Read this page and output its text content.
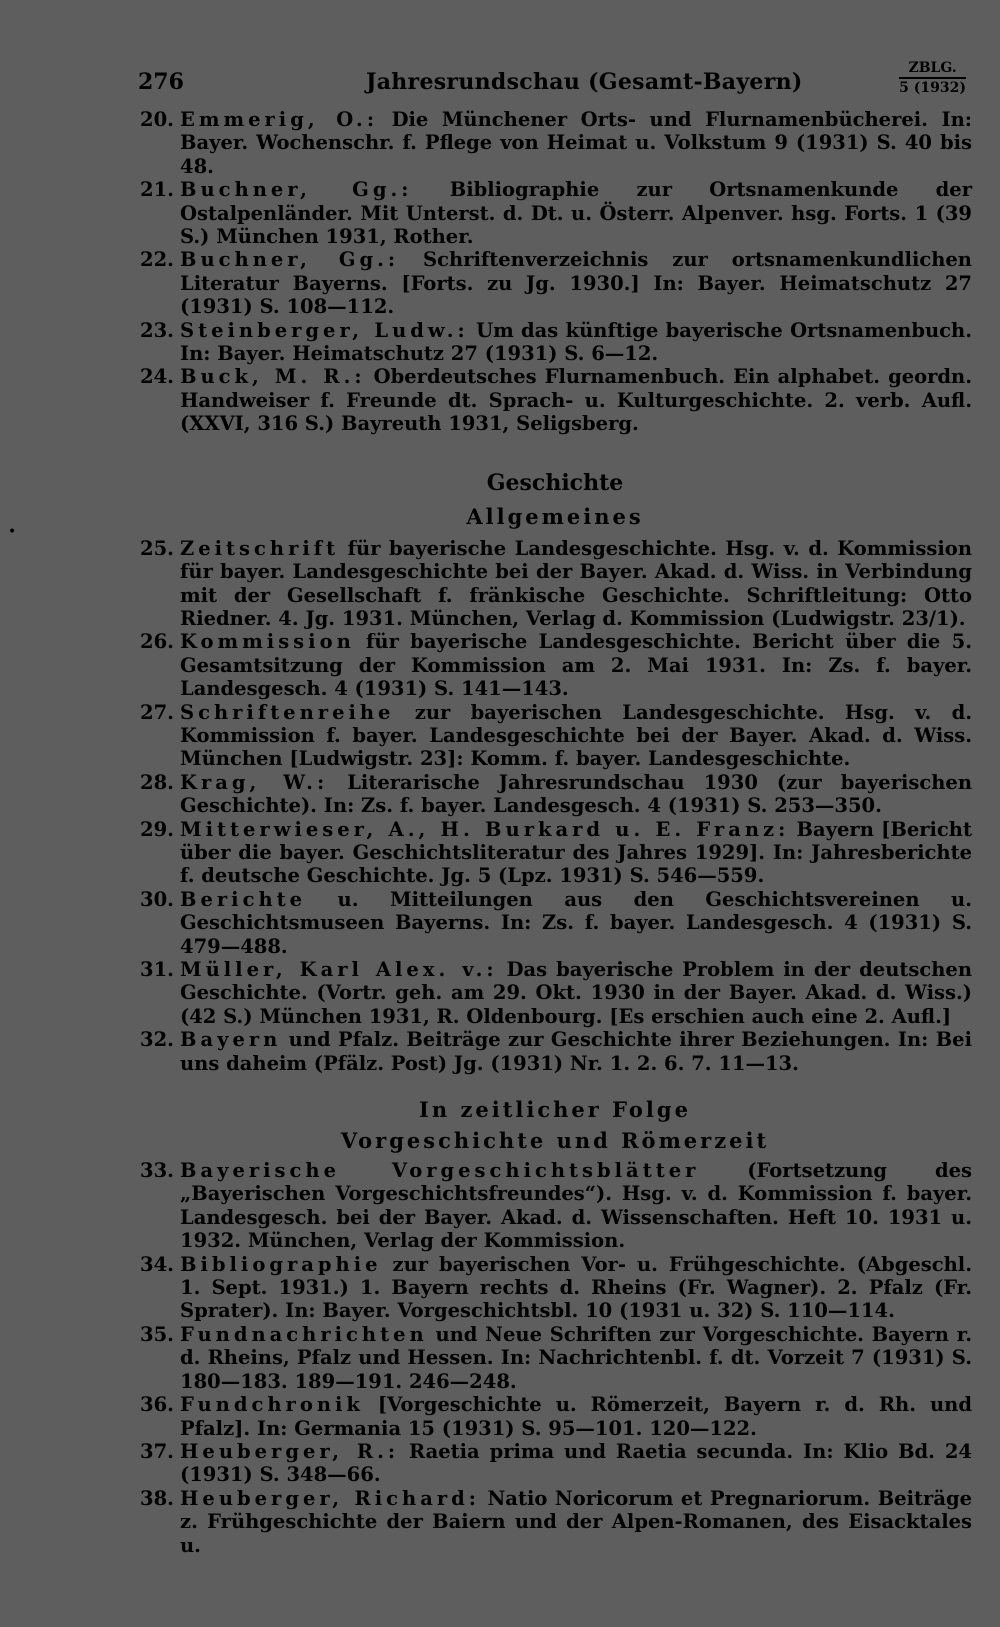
•
276	Jahresrundschau (Gesamt-Bayern)
ZBLG.
5 (1932)

20. Emmerig, O.: Die Münchener Orts- und Flurnamenbücherei. In: Bayer. Wochenschr. f. Pflege von Heimat u. Volkstum 9 (1931) S. 40 bis 48.

21. Buchner, Gg.: Bibliographie zur Ortsnamenkunde der Ostalpenländer. Mit Unterst. d. Dt. u. Österr. Alpenver. hsg. Forts. 1 (39 S.) München 1931, Rother.

22. Buchner, Gg.: Schriftenverzeichnis zur ortsnamenkundlichen Literatur Bayerns. [Forts. zu Jg. 1930.] In: Bayer. Heimatschutz 27 (1931) S. 108—112.

23. Steinberger, Ludw.: Um das künftige bayerische Ortsnamenbuch. In: Bayer. Heimatschutz 27 (1931) S. 6—12.

24. Buck, M. R.: Oberdeutsches Flurnamenbuch. Ein alphabet. geordn. Handweiser f. Freunde dt. Sprach- u. Kulturgeschichte. 2. verb. Aufl. (XXVI, 316 S.) Bayreuth 1931, Seligsberg.

Geschichte
Allgemeines

25. Zeitschrift für bayerische Landesgeschichte. Hsg. v. d. Kommission für bayer. Landesgeschichte bei der Bayer. Akad. d. Wiss. in Verbindung mit der Gesellschaft f. fränkische Geschichte. Schriftleitung: Otto Riedner. 4. Jg. 1931. München, Verlag d. Kommission (Ludwigstr. 23/1).

26. Kommission für bayerische Landesgeschichte. Bericht über die 5. Gesamtsitzung der Kommission am 2. Mai 1931. In: Zs. f. bayer. Landesgesch. 4 (1931) S. 141—143.

27. Schriftenreihe zur bayerischen Landesgeschichte. Hsg. v. d. Kommission f. bayer. Landesgeschichte bei der Bayer. Akad. d. Wiss. München [Ludwigstr. 23]: Komm. f. bayer. Landesgeschichte.

28. Krag, W.: Literarische Jahresrundschau 1930 (zur bayerischen Geschichte). In: Zs. f. bayer. Landesgesch. 4 (1931) S. 253—350.

29. Mitterwieser, A., H. Burkard u. E. Franz: Bayern [Bericht über die bayer. Geschichtsliteratur des Jahres 1929]. In: Jahresberichte f. deutsche Geschichte. Jg. 5 (Lpz. 1931) S. 546—559.

30. Berichte u. Mitteilungen aus den Geschichtsvereinen u. Geschichtsmuseen Bayerns. In: Zs. f. bayer. Landesgesch. 4 (1931) S. 479—488.

31. Müller, Karl Alex. v.: Das bayerische Problem in der deutschen Geschichte. (Vortr. geh. am 29. Okt. 1930 in der Bayer. Akad. d. Wiss.) (42 S.) München 1931, R. Oldenbourg. [Es erschien auch eine 2. Aufl.]

32. Bayern und Pfalz. Beiträge zur Geschichte ihrer Beziehungen. In: Bei uns daheim (Pfälz. Post) Jg. (1931) Nr. 1. 2. 6. 7. 11—13.

In zeitlicher Folge
Vorgeschichte und Römerzeit

33. Bayerische Vorgeschichtsblätter (Fortsetzung des „Bayerischen Vorgeschichtsfreundes“). Hsg. v. d. Kommission f. bayer. Landesgesch. bei der Bayer. Akad. d. Wissenschaften. Heft 10. 1931 u. 1932. München, Verlag der Kommission.

34. Bibliographie zur bayerischen Vor- u. Frühgeschichte. (Abgeschl. 1. Sept. 1931.) 1. Bayern rechts d. Rheins (Fr. Wagner). 2. Pfalz (Fr. Sprater). In: Bayer. Vorgeschichtsbl. 10 (1931 u. 32) S. 110—114.

35. Fundnachrichten und Neue Schriften zur Vorgeschichte. Bayern r. d. Rheins, Pfalz und Hessen. In: Nachrichtenbl. f. dt. Vorzeit 7 (1931) S. 180—183. 189—191. 246—248.

36. Fundchronik [Vorgeschichte u. Römerzeit, Bayern r. d. Rh. und Pfalz]. In: Germania 15 (1931) S. 95—101. 120—122.

37. Heuberger, R.: Raetia prima und Raetia secunda. In: Klio Bd. 24 (1931) S. 348—66.

38. Heuberger, Richard: Natio Noricorum et Pregnariorum. Beiträge z. Frühgeschichte der Baiern und der Alpen-Romanen, des Eisacktales u.
